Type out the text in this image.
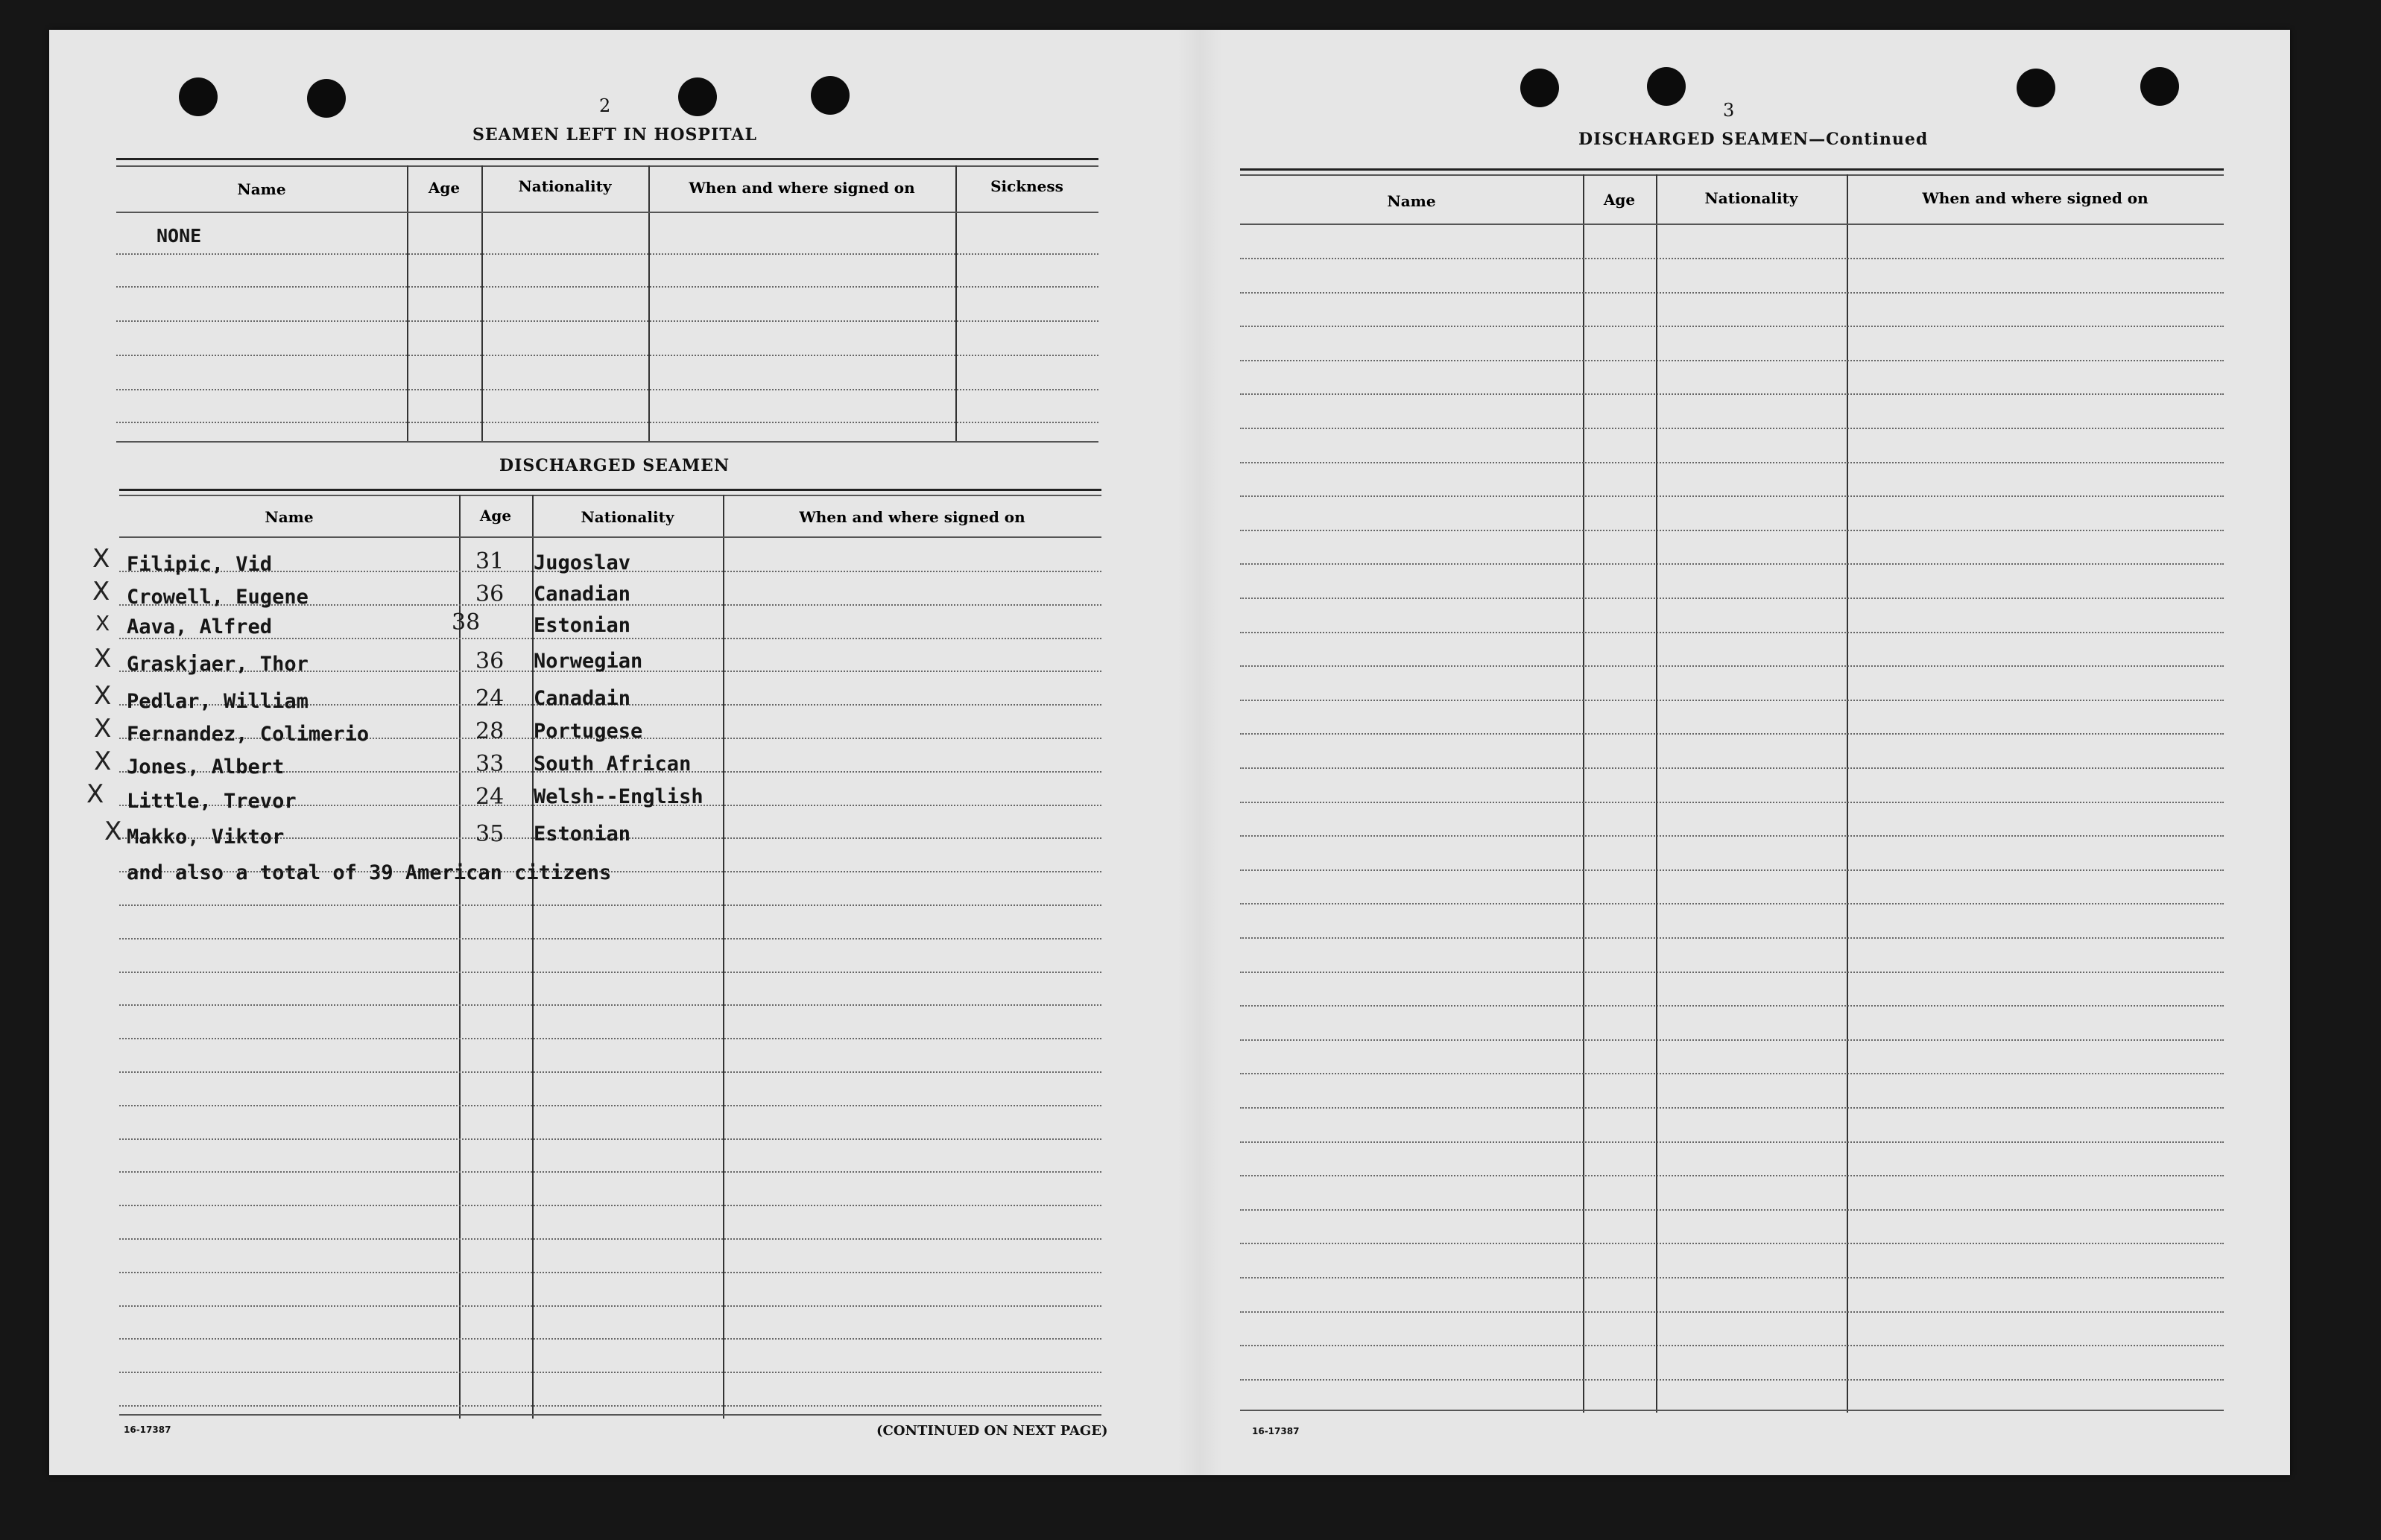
2
SEAMEN LEFT IN HOSPITAL
Name	Age	Nationality	When and where signed on	Sickness
NONE
DISCHARGED SEAMEN
Name	Age	Nationality	When and where signed on
X Filipic, Vid	31 Jugoslav
X Crowell, Eugene	36 Canadian
X Aava, Alfred	38	Estonian
X Graskjaer, Thor	36 Norwegian
X Pedlar, William	24 Canadain
X Fernandez, Colimerio	28 Portugese
X Jones, Albert	33 South African
X Little, Trevor	24 Welsh--English
X Makko, Viktor	35 Estonian
and also a total of 39 American citizens
16-17387	(CONTINUED ON NEXT PAGE)
3
DISCHARGED SEAMEN—Continued
Name	Age	Nationality	When and where signed on
16-17387
